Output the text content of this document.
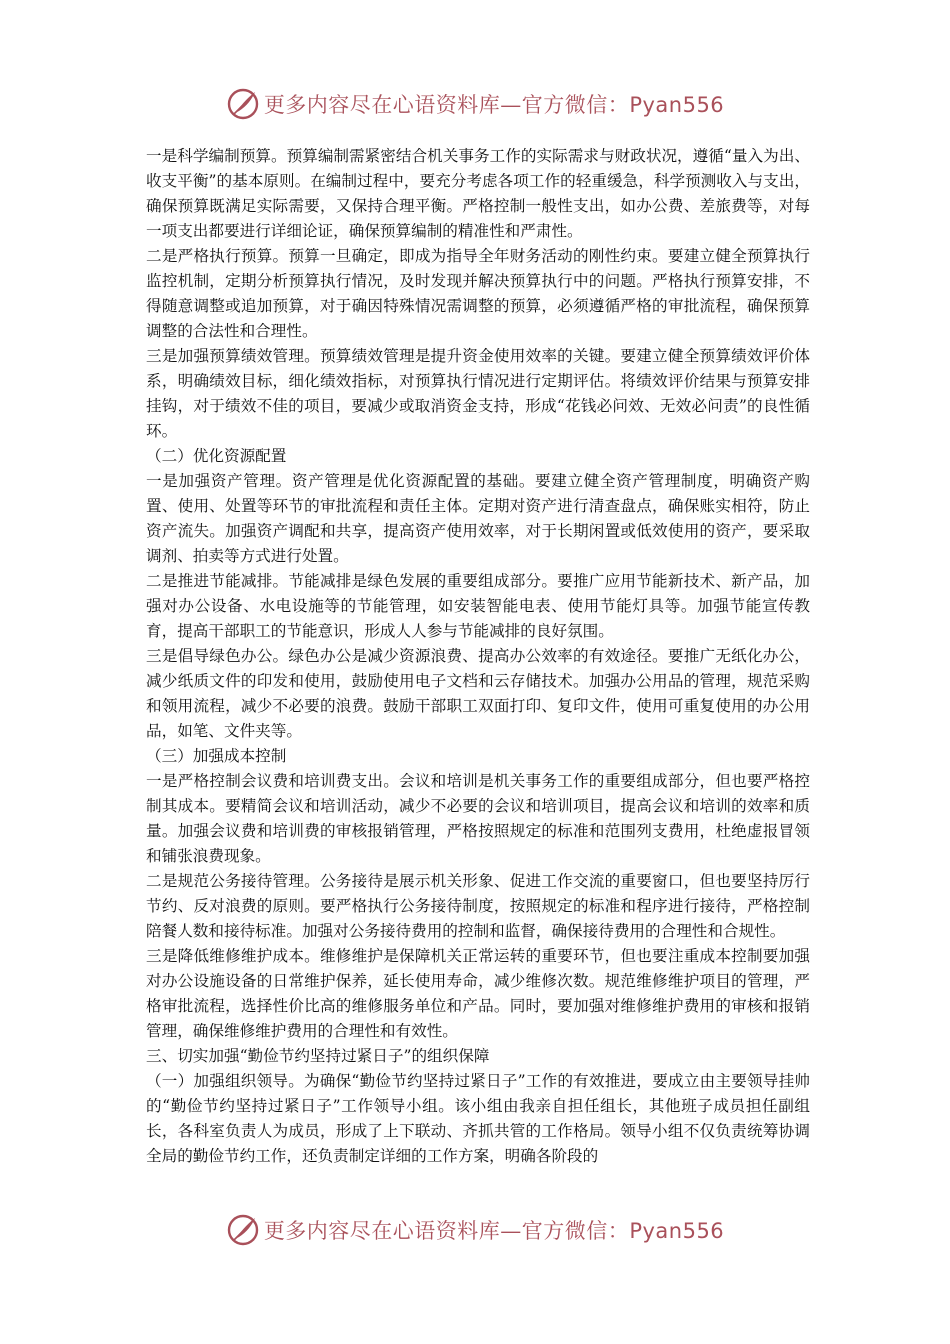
更多内容尽在心语资料库—官方微信：Pyan556

一是科学编制预算。预算编制需紧密结合机关事务工作的实际需求与财政状况，遵循“量入为出、收支平衡”的基本原则。在编制过程中，要充分考虑各项工作的轻重缓急，科学预测收入与支出，确保预算既满足实际需要，又保持合理平衡。严格控制一般性支出，如办公费、差旅费等，对每一项支出都要进行详细论证，确保预算编制的精准性和严肃性。

二是严格执行预算。预算一旦确定，即成为指导全年财务活动的刚性约束。要建立健全预算执行监控机制，定期分析预算执行情况，及时发现并解决预算执行中的问题。严格执行预算安排，不得随意调整或追加预算，对于确因特殊情况需调整的预算，必须遵循严格的审批流程，确保预算调整的合法性和合理性。

三是加强预算绩效管理。预算绩效管理是提升资金使用效率的关键。要建立健全预算绩效评价体系，明确绩效目标，细化绩效指标，对预算执行情况进行定期评估。将绩效评价结果与预算安排挂钩，对于绩效不佳的项目，要减少或取消资金支持，形成“花钱必问效、无效必问责”的良性循环。

（二）优化资源配置

一是加强资产管理。资产管理是优化资源配置的基础。要建立健全资产管理制度，明确资产购置、使用、处置等环节的审批流程和责任主体。定期对资产进行清查盘点，确保账实相符，防止资产流失。加强资产调配和共享，提高资产使用效率，对于长期闲置或低效使用的资产，要采取调剂、拍卖等方式进行处置。

二是推进节能减排。节能减排是绿色发展的重要组成部分。要推广应用节能新技术、新产品，加强对办公设备、水电设施等的节能管理，如安装智能电表、使用节能灯具等。加强节能宣传教育，提高干部职工的节能意识，形成人人参与节能减排的良好氛围。

三是倡导绿色办公。绿色办公是减少资源浪费、提高办公效率的有效途径。要推广无纸化办公，减少纸质文件的印发和使用，鼓励使用电子文档和云存储技术。加强办公用品的管理，规范采购和领用流程，减少不必要的浪费。鼓励干部职工双面打印、复印文件，使用可重复使用的办公用品，如笔、文件夹等。

（三）加强成本控制

一是严格控制会议费和培训费支出。会议和培训是机关事务工作的重要组成部分，但也要严格控制其成本。要精简会议和培训活动，减少不必要的会议和培训项目，提高会议和培训的效率和质量。加强会议费和培训费的审核报销管理，严格按照规定的标准和范围列支费用，杜绝虚报冒领和铺张浪费现象。

二是规范公务接待管理。公务接待是展示机关形象、促进工作交流的重要窗口，但也要坚持厉行节约、反对浪费的原则。要严格执行公务接待制度，按照规定的标准和程序进行接待，严格控制陪餐人数和接待标准。加强对公务接待费用的控制和监督，确保接待费用的合理性和合规性。

三是降低维修维护成本。维修维护是保障机关正常运转的重要环节，但也要注重成本控制要加强对办公设施设备的日常维护保养，延长使用寿命，减少维修次数。规范维修维护项目的管理，严格审批流程，选择性价比高的维修服务单位和产品。同时，要加强对维修维护费用的审核和报销管理，确保维修维护费用的合理性和有效性。

三、切实加强“勤俭节约坚持过紧日子”的组织保障

（一）加强组织领导。为确保“勤俭节约坚持过紧日子”工作的有效推进，要成立由主要领导挂帅的“勤俭节约坚持过紧日子”工作领导小组。该小组由我亲自担任组长，其他班子成员担任副组长，各科室负责人为成员，形成了上下联动、齐抓共管的工作格局。领导小组不仅负责统筹协调全局的勤俭节约工作，还负责制定详细的工作方案，明确各阶段的

更多内容尽在心语资料库—官方微信：Pyan556
